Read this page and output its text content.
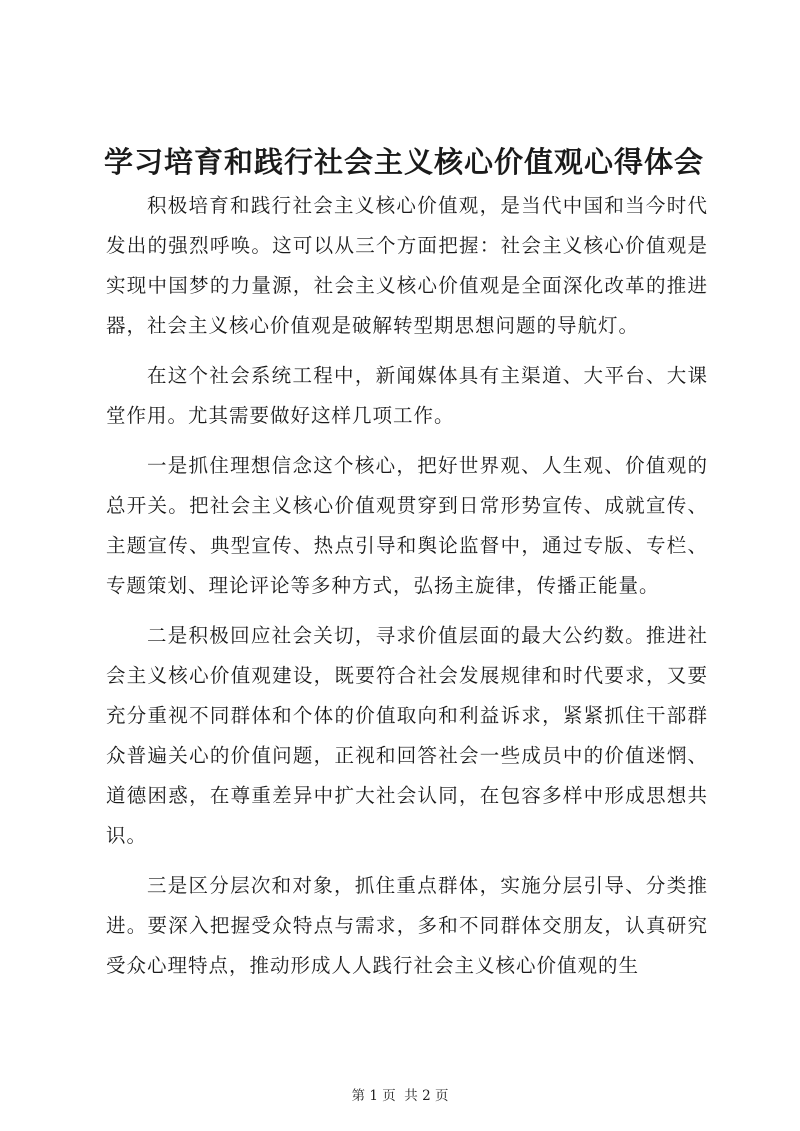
学习培育和践行社会主义核心价值观心得体会

积极培育和践行社会主义核心价值观，是当代中国和当今时代发出的强烈呼唤。这可以从三个方面把握：社会主义核心价值观是实现中国梦的力量源，社会主义核心价值观是全面深化改革的推进器，社会主义核心价值观是破解转型期思想问题的导航灯。

在这个社会系统工程中，新闻媒体具有主渠道、大平台、大课堂作用。尤其需要做好这样几项工作。

一是抓住理想信念这个核心，把好世界观、人生观、价值观的总开关。把社会主义核心价值观贯穿到日常形势宣传、成就宣传、主题宣传、典型宣传、热点引导和舆论监督中，通过专版、专栏、专题策划、理论评论等多种方式，弘扬主旋律，传播正能量。

二是积极回应社会关切，寻求价值层面的最大公约数。推进社会主义核心价值观建设，既要符合社会发展规律和时代要求，又要充分重视不同群体和个体的价值取向和利益诉求，紧紧抓住干部群众普遍关心的价值问题，正视和回答社会一些成员中的价值迷惘、道德困惑，在尊重差异中扩大社会认同，在包容多样中形成思想共识。

三是区分层次和对象，抓住重点群体，实施分层引导、分类推进。要深入把握受众特点与需求，多和不同群体交朋友，认真研究受众心理特点，推动形成人人践行社会主义核心价值观的生

第 1 页  共 2 页
